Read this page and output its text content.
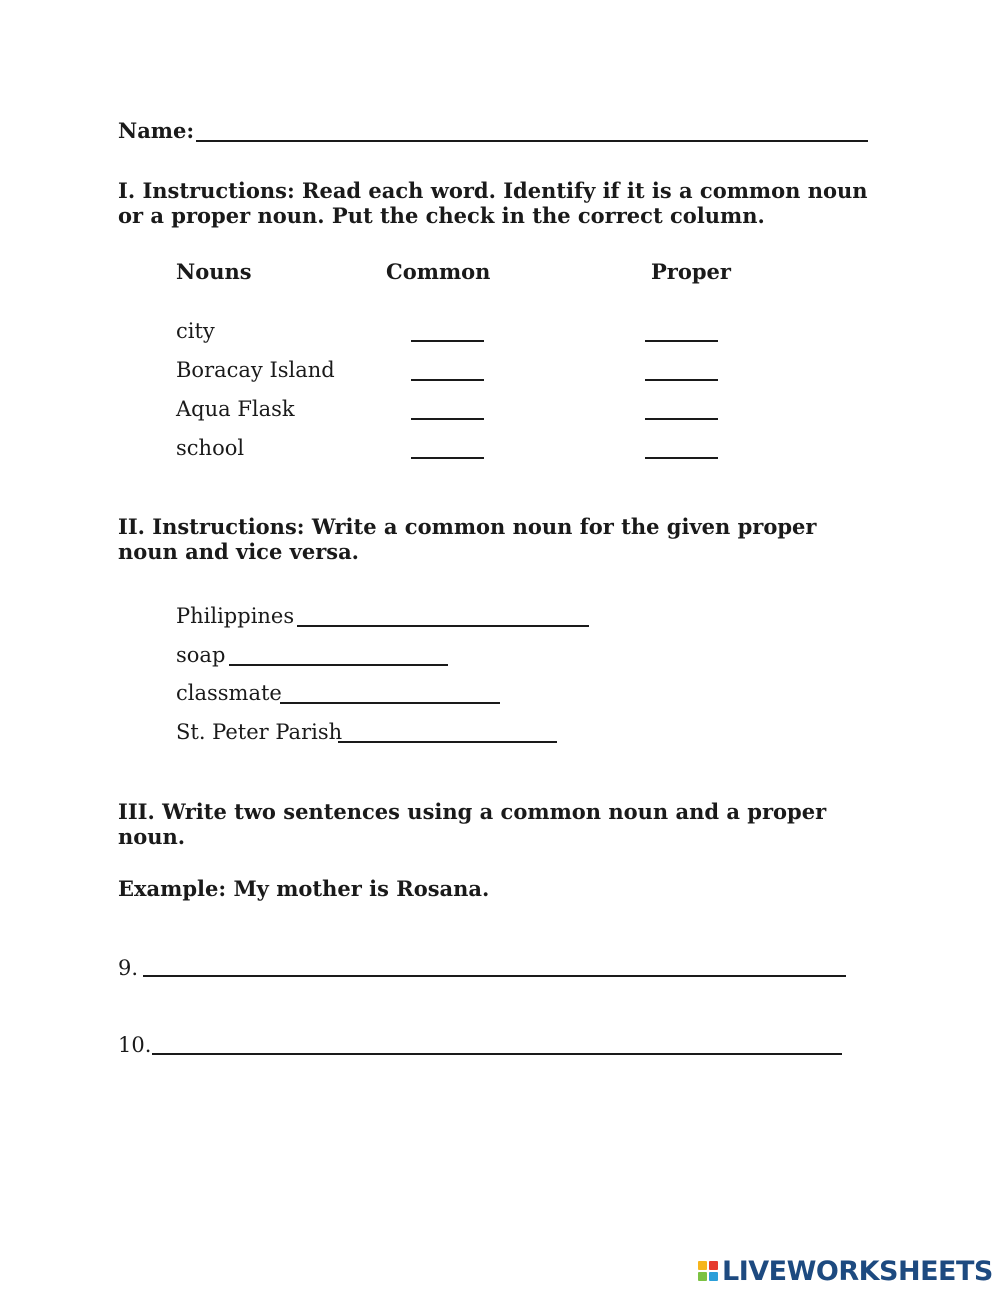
Name:
I. Instructions: Read each word. Identify if it is a common noun
or a proper noun. Put the check in the correct column.
Nouns	Common	Proper
city
Boracay Island
Aqua Flask
school
II. Instructions: Write a common noun for the given proper
noun and vice versa.
Philippines
soap
classmate
St. Peter Parish
III. Write two sentences using a common noun and a proper
noun.
Example: My mother is Rosana.
9.
10.
LIVEWORKSHEETS
